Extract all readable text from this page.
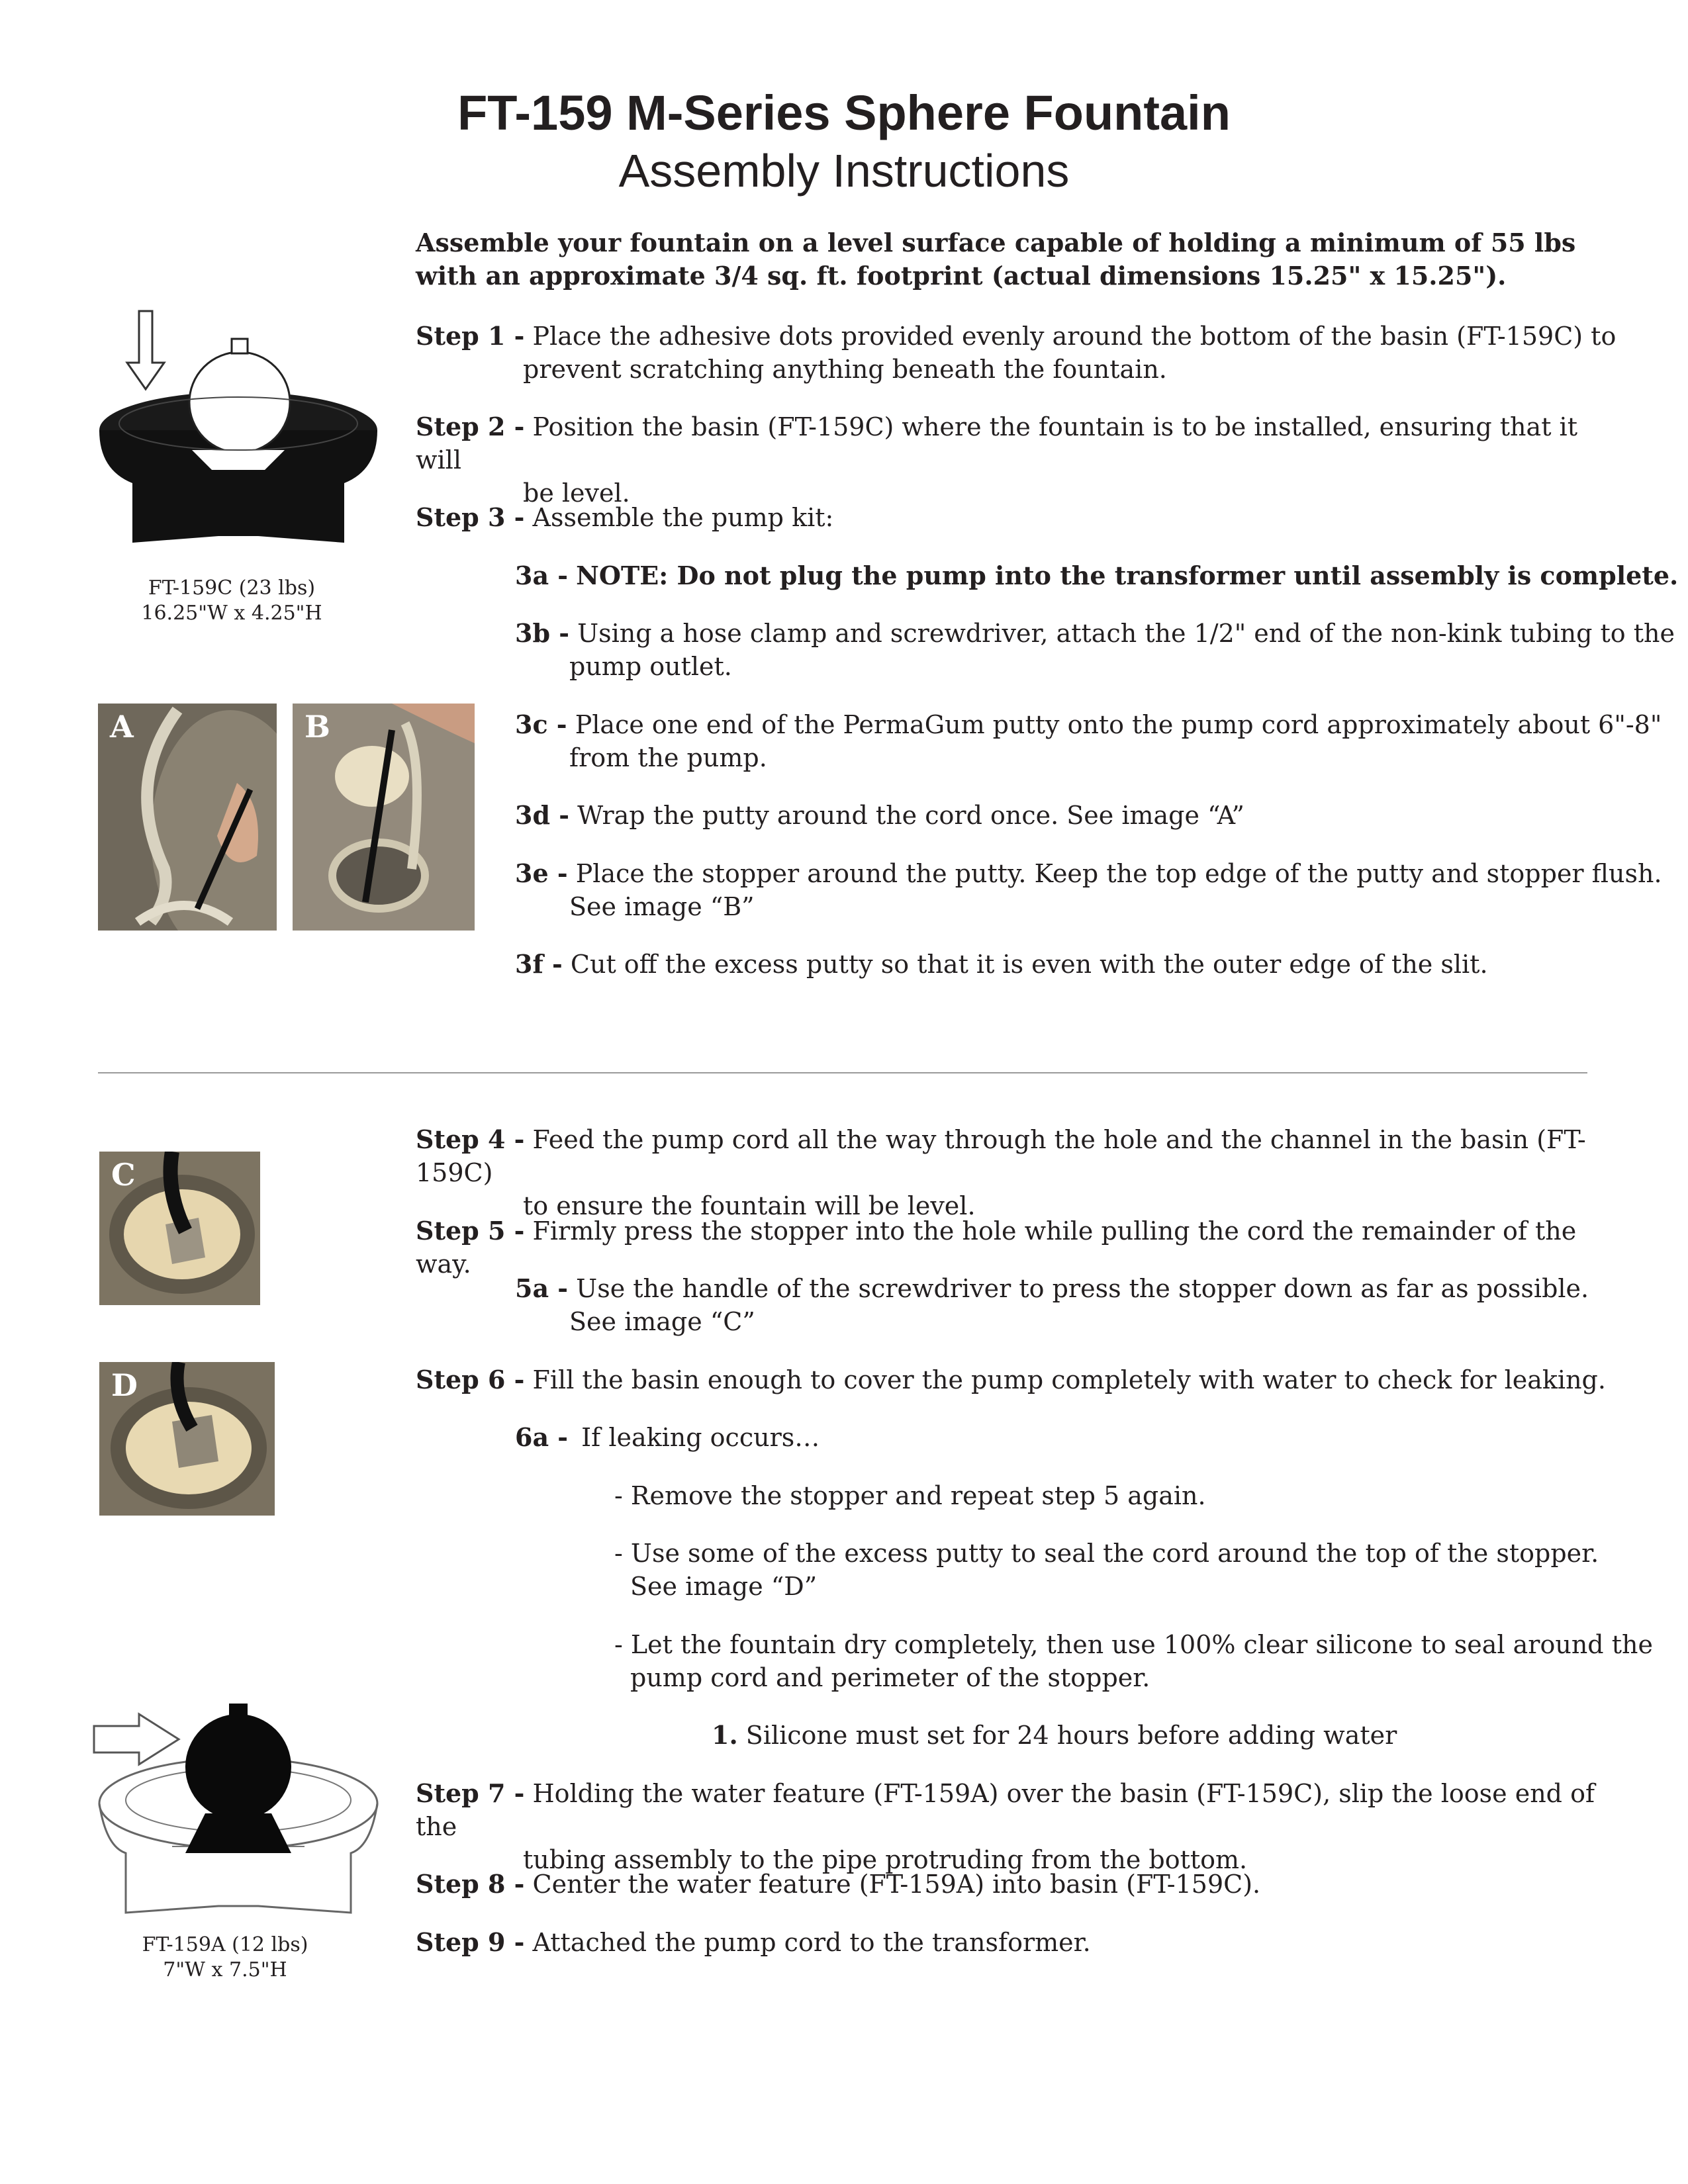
FT-159 M-Series Sphere Fountain
Assembly Instructions
Assemble your fountain on a level surface capable of holding a minimum of 55 lbs with an approximate 3/4 sq. ft. footprint (actual dimensions 15.25" x 15.25").
FT-159C (23 lbs)
16.25"W x 4.25"H
A	B
Step 1 - Place the adhesive dots provided evenly around the bottom of the basin (FT-159C) to
prevent scratching anything beneath the fountain.
Step 2 - Position the basin (FT-159C) where the fountain is to be installed, ensuring that it will
be level.
Step 3 - Assemble the pump kit:
3a - NOTE: Do not plug the pump into the transformer until assembly is complete.
3b - Using a hose clamp and screwdriver, attach the 1/2" end of the non-kink tubing to the
pump outlet.
3c - Place one end of the PermaGum putty onto the pump cord approximately about 6"-8"
from the pump.
3d - Wrap the putty around the cord once. See image “A”
3e - Place the stopper around the putty. Keep the top edge of the putty and stopper flush.
See image “B”
3f - Cut off the excess putty so that it is even with the outer edge of the slit.
C
D
Step 4 - Feed the pump cord all the way through the hole and the channel in the basin (FT-159C)
to ensure the fountain will be level.
Step 5 - Firmly press the stopper into the hole while pulling the cord the remainder of the way.
5a - Use the handle of the screwdriver to press the stopper down as far as possible.
See image “C”
Step 6 - Fill the basin enough to cover the pump completely with water to check for leaking.
6a - If leaking occurs…
- Remove the stopper and repeat step 5 again.
- Use some of the excess putty to seal the cord around the top of the stopper.
See image “D”
- Let the fountain dry completely, then use 100% clear silicone to seal around the
pump cord and perimeter of the stopper.
1. Silicone must set for 24 hours before adding water
Step 7 - Holding the water feature (FT-159A) over the basin (FT-159C), slip the loose end of the
tubing assembly to the pipe protruding from the bottom.
Step 8 - Center the water feature (FT-159A) into basin (FT-159C).
Step 9 - Attached the pump cord to the transformer.
FT-159A (12 lbs)
7"W x 7.5"H
